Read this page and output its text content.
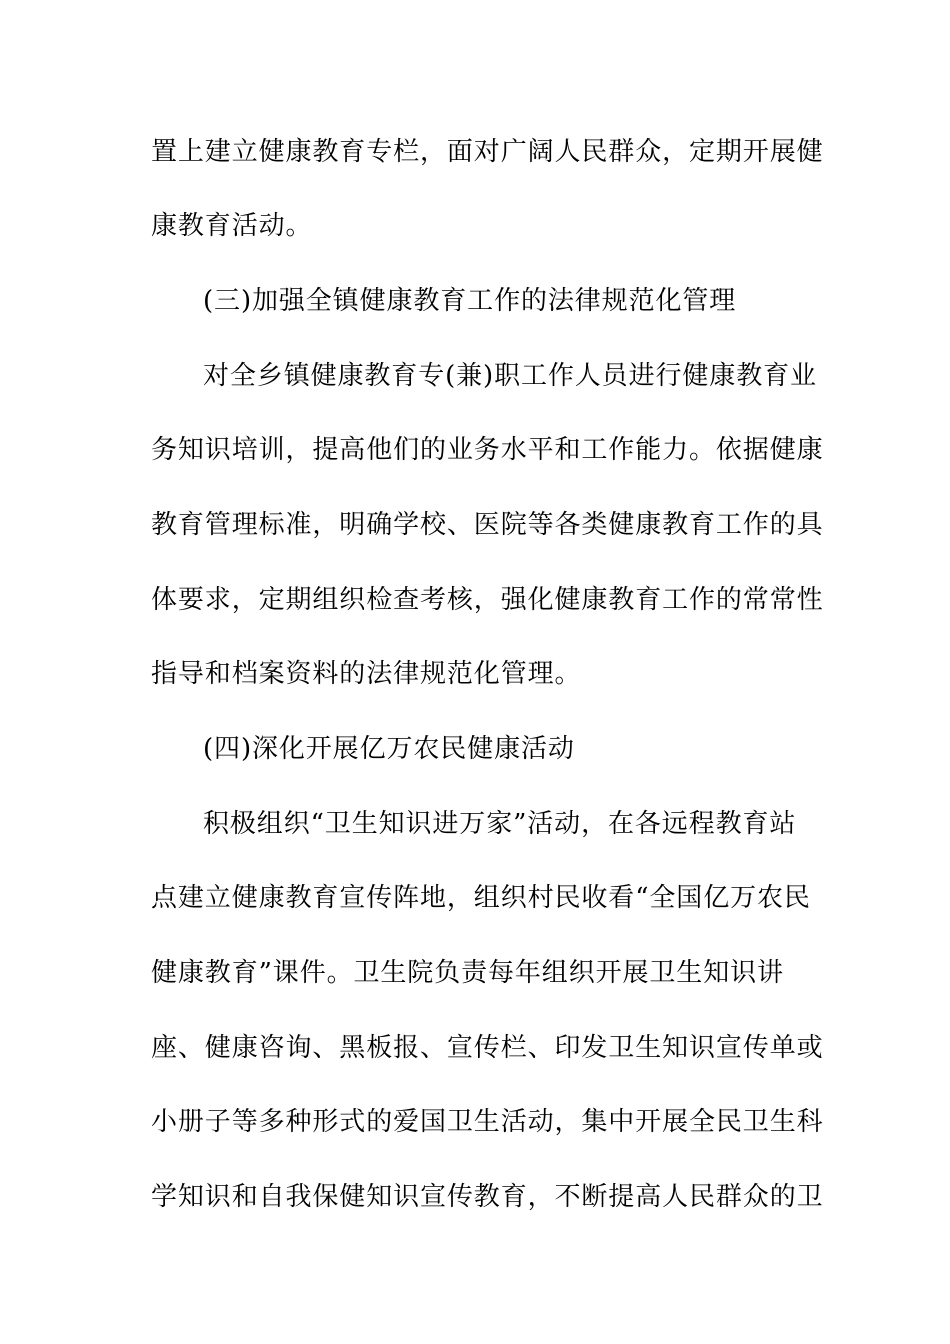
置上建立健康教育专栏，面对广阔人民群众，定期开展健
康教育活动。
(三)加强全镇健康教育工作的法律规范化管理
对全乡镇健康教育专(兼)职工作人员进行健康教育业
务知识培训，提高他们的业务水平和工作能力。依据健康
教育管理标准，明确学校、医院等各类健康教育工作的具
体要求，定期组织检查考核，强化健康教育工作的常常性
指导和档案资料的法律规范化管理。
(四)深化开展亿万农民健康活动
积极组织“卫生知识进万家”活动，在各远程教育站
点建立健康教育宣传阵地，组织村民收看“全国亿万农民
健康教育”课件。卫生院负责每年组织开展卫生知识讲
座、健康咨询、黑板报、宣传栏、印发卫生知识宣传单或
小册子等多种形式的爱国卫生活动，集中开展全民卫生科
学知识和自我保健知识宣传教育，不断提高人民群众的卫
